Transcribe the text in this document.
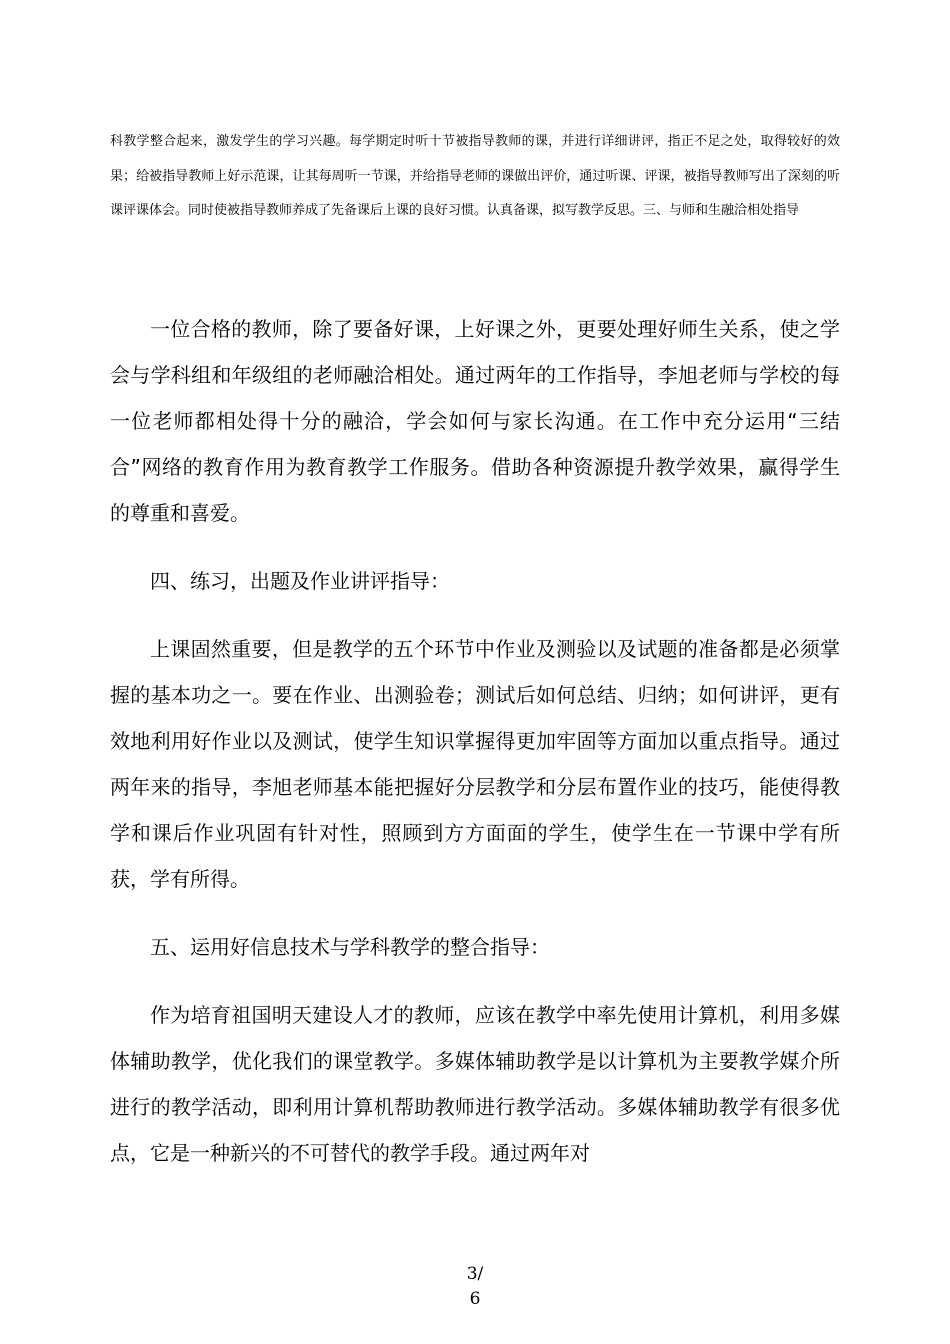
科教学整合起来，激发学生的学习兴趣。每学期定时听十节被指导教师的课，并进行详细讲评，指正不足之处，取得较好的效果；给被指导教师上好示范课，让其每周听一节课，并给指导老师的课做出评价，通过听课、评课，被指导教师写出了深刻的听课评课体会。同时使被指导教师养成了先备课后上课的良好习惯。认真备课，拟写教学反思。三、与师和生融洽相处指导

一位合格的教师，除了要备好课，上好课之外，更要处理好师生关系，使之学会与学科组和年级组的老师融洽相处。通过两年的工作指导，李旭老师与学校的每一位老师都相处得十分的融洽，学会如何与家长沟通。在工作中充分运用“三结合”网络的教育作用为教育教学工作服务。借助各种资源提升教学效果，赢得学生的尊重和喜爱。

四、练习，出题及作业讲评指导：

上课固然重要，但是教学的五个环节中作业及测验以及试题的准备都是必须掌握的基本功之一。要在作业、出测验卷；测试后如何总结、归纳；如何讲评，更有效地利用好作业以及测试，使学生知识掌握得更加牢固等方面加以重点指导。通过两年来的指导，李旭老师基本能把握好分层教学和分层布置作业的技巧，能使得教学和课后作业巩固有针对性，照顾到方方面面的学生，使学生在一节课中学有所获，学有所得。

五、运用好信息技术与学科教学的整合指导：

作为培育祖国明天建设人才的教师，应该在教学中率先使用计算机，利用多媒体辅助教学，优化我们的课堂教学。多媒体辅助教学是以计算机为主要教学媒介所进行的教学活动，即利用计算机帮助教师进行教学活动。多媒体辅助教学有很多优点，它是一种新兴的不可替代的教学手段。通过两年对

3/
6
